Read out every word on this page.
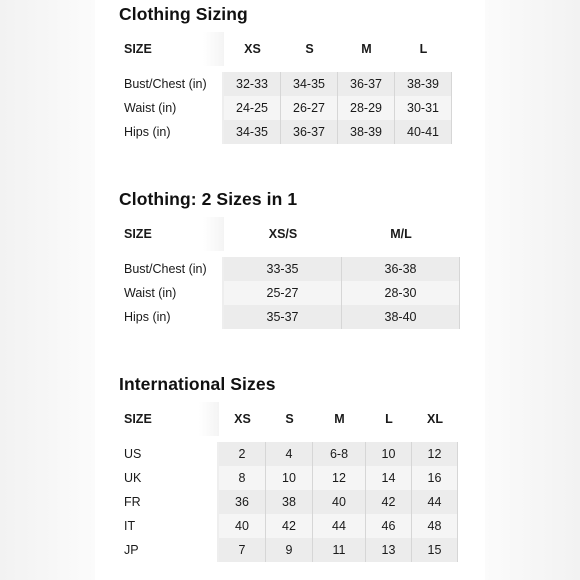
Clothing Sizing
SIZE	XS	S	M	L

Bust/Chest (in)	32-33	34-35	36-37	38-39
Waist (in)	24-25	26-27	28-29	30-31
Hips (in)	34-35	36-37	38-39	40-41
Clothing: 2 Sizes in 1
SIZE	XS/S	M/L

Bust/Chest (in)	33-35	36-38
Waist (in)	25-27	28-30
Hips (in)	35-37	38-40
International Sizes
SIZE	XS	S	M	L	XL

US	2	4	6-8	10	12
UK	8	10	12	14	16
FR	36	38	40	42	44
IT	40	42	44	46	48
JP	7	9	11	13	15
